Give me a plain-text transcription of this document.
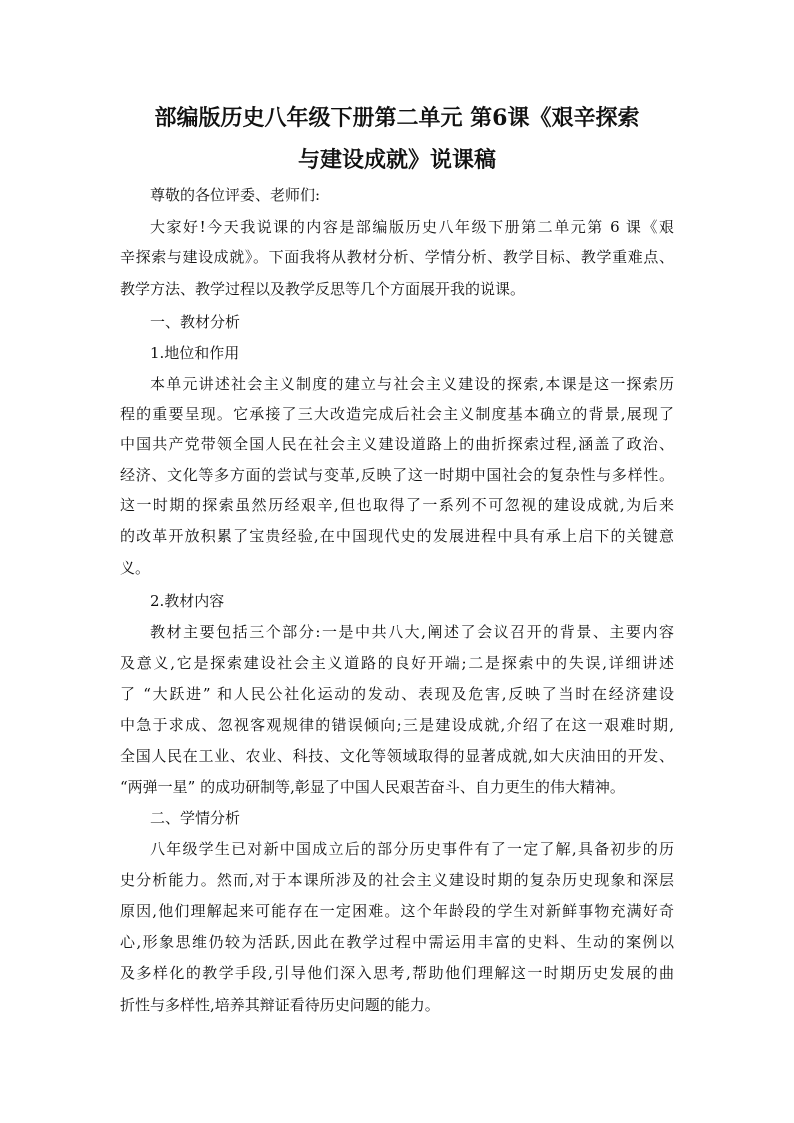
部编版历史八年级下册第二单元 第6课《艰辛探索
与建设成就》说课稿
尊敬的各位评委、老师们:
大家好!今天我说课的内容是部编版历史八年级下册第二单元第 6 课《艰
辛探索与建设成就》。下面我将从教材分析、学情分析、教学目标、教学重难点、
教学方法、教学过程以及教学反思等几个方面展开我的说课。
一、教材分析
1.地位和作用
本单元讲述社会主义制度的建立与社会主义建设的探索,本课是这一探索历
程的重要呈现。它承接了三大改造完成后社会主义制度基本确立的背景,展现了
中国共产党带领全国人民在社会主义建设道路上的曲折探索过程,涵盖了政治、
经济、文化等多方面的尝试与变革,反映了这一时期中国社会的复杂性与多样性。
这一时期的探索虽然历经艰辛,但也取得了一系列不可忽视的建设成就,为后来
的改革开放积累了宝贵经验,在中国现代史的发展进程中具有承上启下的关键意
义。
2.教材内容
教材主要包括三个部分:一是中共八大,阐述了会议召开的背景、主要内容
及意义,它是探索建设社会主义道路的良好开端;二是探索中的失误,详细讲述
了 “大跃进” 和人民公社化运动的发动、表现及危害,反映了当时在经济建设
中急于求成、忽视客观规律的错误倾向;三是建设成就,介绍了在这一艰难时期,
全国人民在工业、农业、科技、文化等领域取得的显著成就,如大庆油田的开发、
“两弹一星” 的成功研制等,彰显了中国人民艰苦奋斗、自力更生的伟大精神。
二、学情分析
八年级学生已对新中国成立后的部分历史事件有了一定了解,具备初步的历
史分析能力。然而,对于本课所涉及的社会主义建设时期的复杂历史现象和深层
原因,他们理解起来可能存在一定困难。这个年龄段的学生对新鲜事物充满好奇
心,形象思维仍较为活跃,因此在教学过程中需运用丰富的史料、生动的案例以
及多样化的教学手段,引导他们深入思考,帮助他们理解这一时期历史发展的曲
折性与多样性,培养其辩证看待历史问题的能力。
